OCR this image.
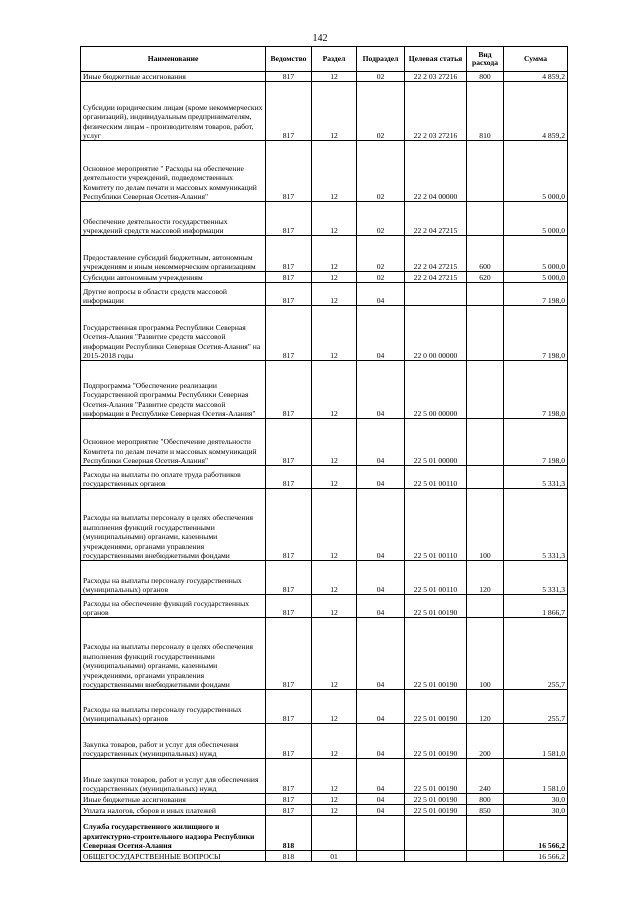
142
Наименование	Ведомство	Раздел	Подраздел	Целевая статья	Вид расхода	Сумма
Иные бюджетные ассигнования	817	12	02	22 2 03 27216	800	4 859,2
Субсидии юридическим лицам (кроме некоммерческих организаций), индивидуальным предпринимателям, физическим лицам - производителям товаров, работ, услуг	817	12	02	22 2 03 27216	810	4 859,2
Основное мероприятие " Расходы на обеспечение деятельности учреждений, подведомственных Комитету по делам печати и массовых коммуникаций Республики Северная Осетия-Алания"	817	12	02	22 2 04 00000		5 000,0
Обеспечение деятельности государственных учреждений средств массовой информации	817	12	02	22 2 04 27215		5 000,0
Предоставление субсидий бюджетным, автономным учреждениям и иным некоммерческим организациям	817	12	02	22 2 04 27215	600	5 000,0
Субсидии автономным учреждениям	817	12	02	22 2 04 27215	620	5 000,0
Другие вопросы в области средств массовой информации	817	12	04			7 198,0
Государственная программа Республики Северная Осетия-Алания "Развитие средств массовой информации Республики Северная Осетия-Алания" на 2015-2018 годы	817	12	04	22 0 00 00000		7 198,0
Подпрограмма "Обеспечение реализации Государственной программы Республики Северная Осетия-Алания "Развитие средств массовой информации в Республике Северная Осетия-Алания"	817	12	04	22 5 00 00000		7 198,0
Основное мероприятие "Обеспечение деятельности Комитета по делам печати и массовых коммуникаций Республики Северная Осетия-Алания"	817	12	04	22 5 01 00000		7 198,0
Расходы на выплаты по оплате труда работников государственных органов	817	12	04	22 5 01 00110		5 331,3
Расходы на выплаты персоналу в целях обеспечения выполнения функций государственными (муниципальными) органами, казенными учреждениями, органами управления государственными внебюджетными фондами	817	12	04	22 5 01 00110	100	5 331,3
Расходы на выплаты персоналу государственных (муниципальных) органов	817	12	04	22 5 01 00110	120	5 331,3
Расходы на обеспечение функций государственных органов	817	12	04	22 5 01 00190		1 866,7
Расходы на выплаты персоналу в целях обеспечения выполнения функций государственными (муниципальными) органами, казенными учреждениями, органами управления государственными внебюджетными фондами	817	12	04	22 5 01 00190	100	255,7
Расходы на выплаты персоналу государственных (муниципальных) органов	817	12	04	22 5 01 00190	120	255,7
Закупка товаров, работ и услуг для обеспечения государственных (муниципальных) нужд	817	12	04	22 5 01 00190	200	1 581,0
Иные закупки товаров, работ и услуг для обеспечения государственных (муниципальных) нужд	817	12	04	22 5 01 00190	240	1 581,0
Иные бюджетные ассигнования	817	12	04	22 5 01 00190	800	30,0
Уплата налогов, сборов и иных платежей	817	12	04	22 5 01 00190	850	30,0
Служба государственного жилищного и архитектурно-строительного надзора Республики Северная Осетия-Алания	818					16 566,2
ОБЩЕГОСУДАРСТВЕННЫЕ ВОПРОСЫ	818	01				16 566,2
